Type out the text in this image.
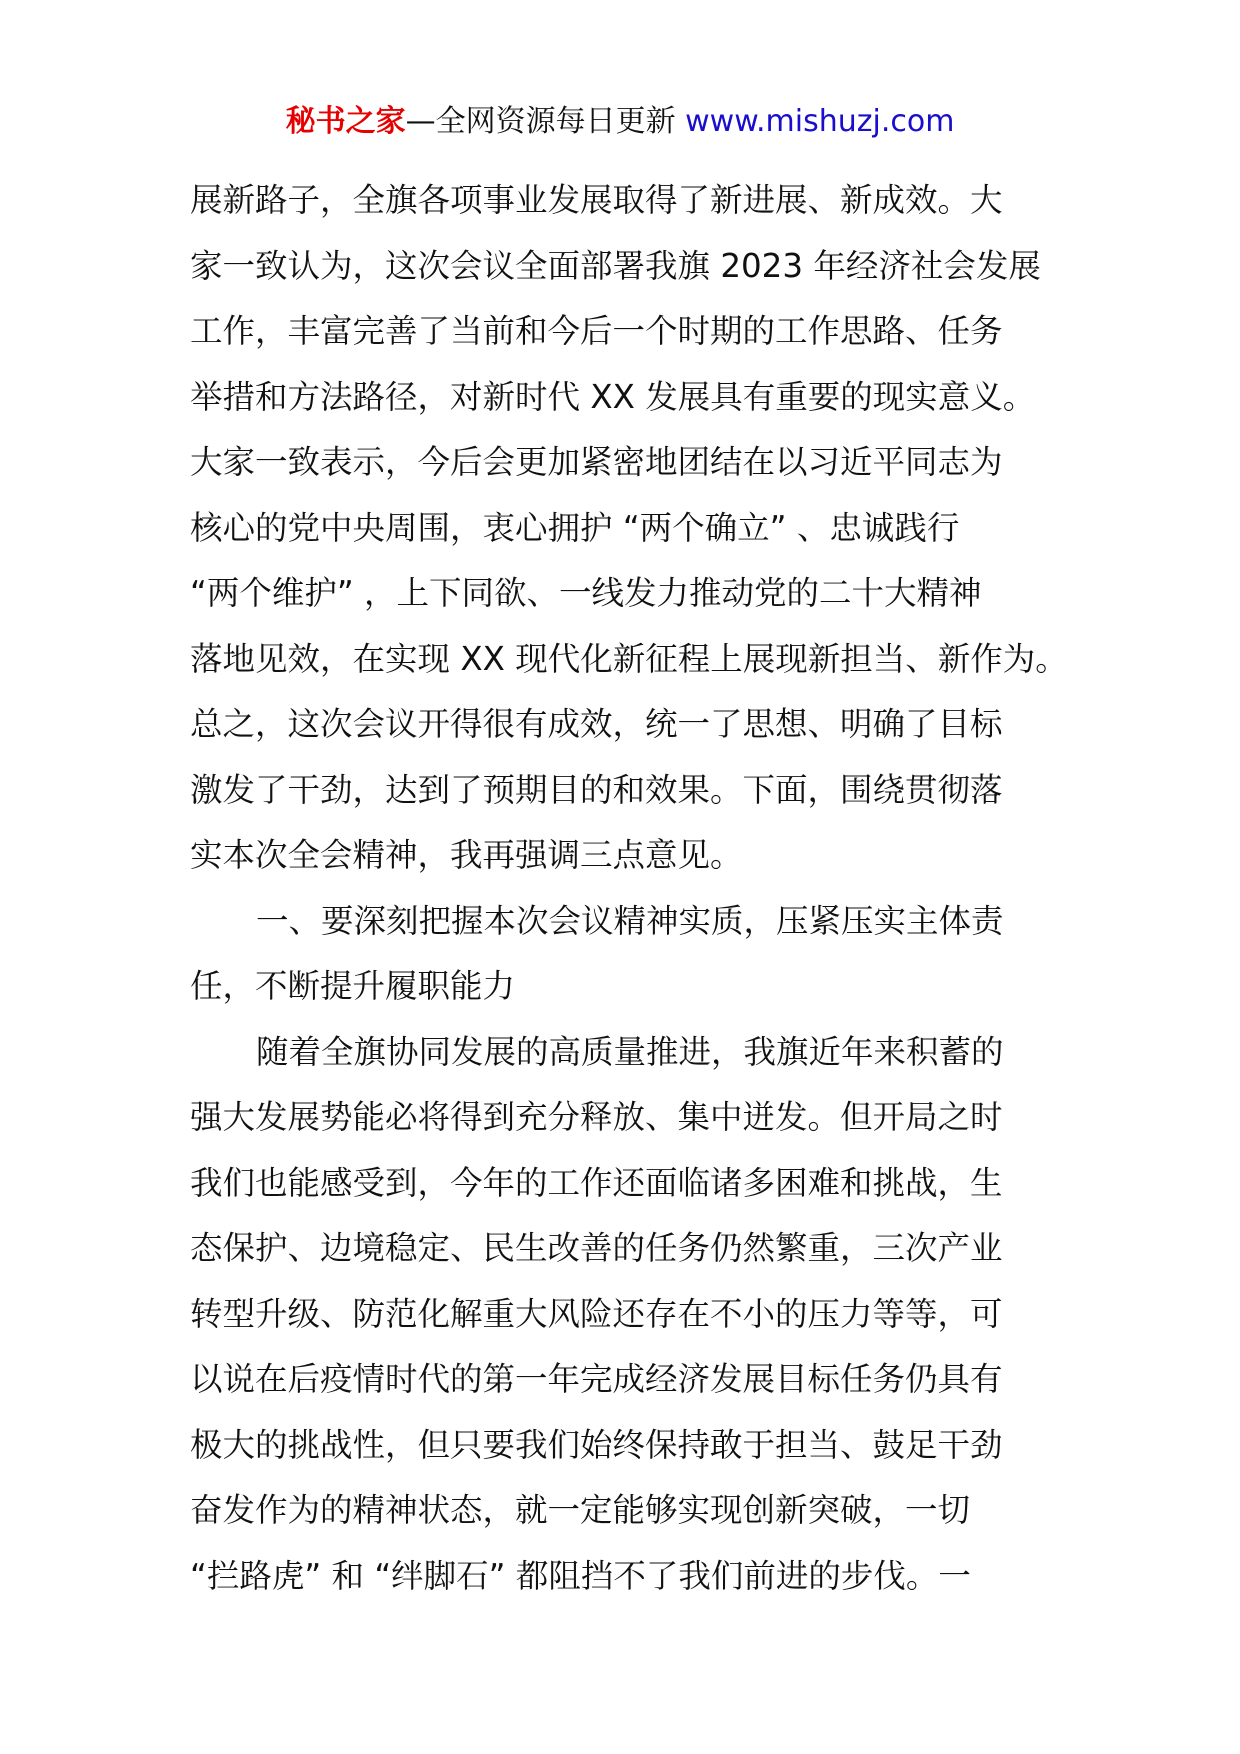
秘书之家—全网资源每日更新 www.mishuzj.com
展新路子，全旗各项事业发展取得了新进展、新成效。大
家一致认为，这次会议全面部署我旗 2023 年经济社会发展
工作，丰富完善了当前和今后一个时期的工作思路、任务
举措和方法路径，对新时代 XX 发展具有重要的现实意义。
大家一致表示，今后会更加紧密地团结在以习近平同志为
核心的党中央周围，衷心拥护 “两个确立” 、忠诚践行
“两个维护” ，上下同欲、一线发力推动党的二十大精神
落地见效，在实现 XX 现代化新征程上展现新担当、新作为。
总之，这次会议开得很有成效，统一了思想、明确了目标
激发了干劲，达到了预期目的和效果。下面，围绕贯彻落
实本次全会精神，我再强调三点意见。
一、要深刻把握本次会议精神实质，压紧压实主体责
任，不断提升履职能力
随着全旗协同发展的高质量推进，我旗近年来积蓄的
强大发展势能必将得到充分释放、集中迸发。但开局之时
我们也能感受到，今年的工作还面临诸多困难和挑战，生
态保护、边境稳定、民生改善的任务仍然繁重，三次产业
转型升级、防范化解重大风险还存在不小的压力等等，可
以说在后疫情时代的第一年完成经济发展目标任务仍具有
极大的挑战性，但只要我们始终保持敢于担当、鼓足干劲
奋发作为的精神状态，就一定能够实现创新突破，一切
“拦路虎” 和 “绊脚石” 都阻挡不了我们前进的步伐。一
